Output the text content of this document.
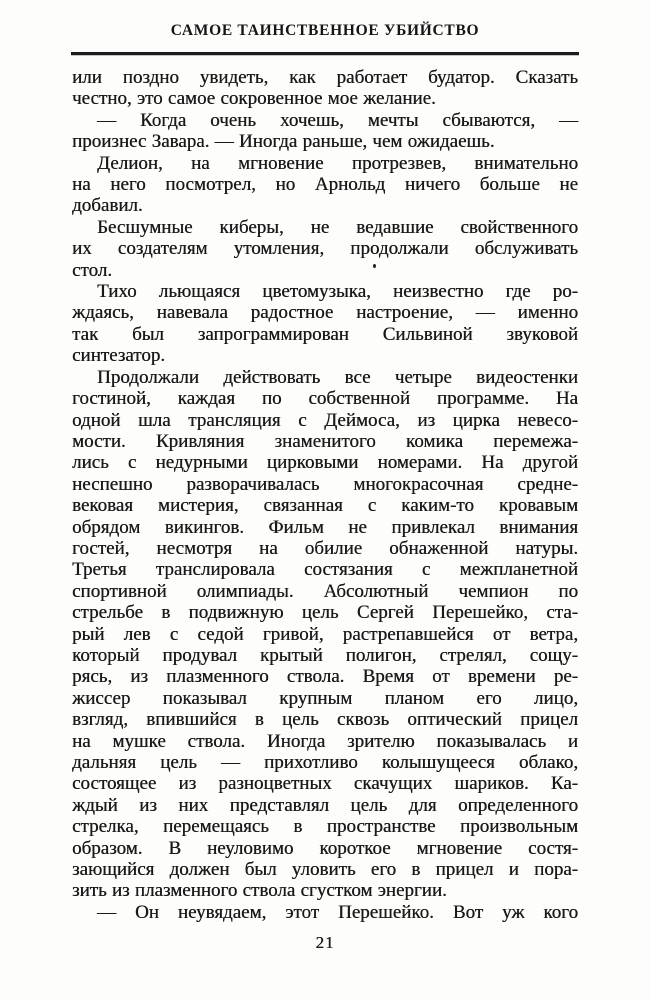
САМОЕ ТАИНСТВЕННОЕ УБИЙСТВО
или поздно увидеть, как работает будатор. Сказать
честно, это самое сокровенное мое желание.
— Когда очень хочешь, мечты сбываются, —
произнес Завара. — Иногда раньше, чем ожидаешь.
Делион, на мгновение протрезвев, внимательно
на него посмотрел, но Арнольд ничего больше не
добавил.
Бесшумные киберы, не ведавшие свойственного
их создателям утомления, продолжали обслуживать
стол.
Тихо льющаяся цветомузыка, неизвестно где ро-
ждаясь, навевала радостное настроение, — именно
так был запрограммирован Сильвиной звуковой
синтезатор.
Продолжали действовать все четыре видеостенки
гостиной, каждая по собственной программе. На
одной шла трансляция с Деймоса, из цирка невесо-
мости. Кривляния знаменитого комика перемежа-
лись с недурными цирковыми номерами. На другой
неспешно разворачивалась многокрасочная средне-
вековая мистерия, связанная с каким-то кровавым
обрядом викингов. Фильм не привлекал внимания
гостей, несмотря на обилие обнаженной натуры.
Третья транслировала состязания с межпланетной
спортивной олимпиады. Абсолютный чемпион по
стрельбе в подвижную цель Сергей Перешейко, ста-
рый лев с седой гривой, растрепавшейся от ветра,
который продувал крытый полигон, стрелял, сощу-
рясь, из плазменного ствола. Время от времени ре-
жиссер показывал крупным планом его лицо,
взгляд, впившийся в цель сквозь оптический прицел
на мушке ствола. Иногда зрителю показывалась и
дальняя цель — прихотливо колышущееся облако,
состоящее из разноцветных скачущих шариков. Ка-
ждый из них представлял цель для определенного
стрелка, перемещаясь в пространстве произвольным
образом. В неуловимо короткое мгновение состя-
зающийся должен был уловить его в прицел и пора-
зить из плазменного ствола сгустком энергии.
— Он неувядаем, этот Перешейко. Вот уж кого
21
